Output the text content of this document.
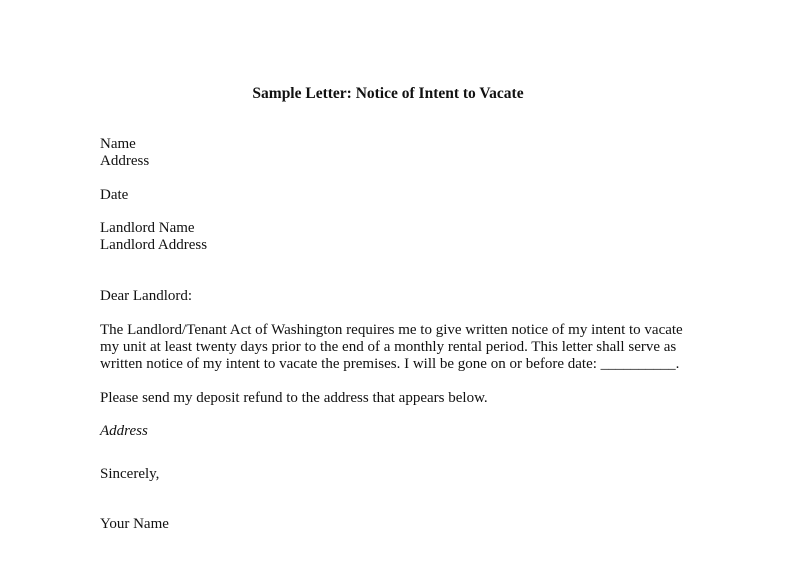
Sample Letter: Notice of Intent to Vacate
Name
Address
Date
Landlord Name
Landlord Address
Dear Landlord:
The Landlord/Tenant Act of Washington requires me to give written notice of my intent to vacate
my unit at least twenty days prior to the end of a monthly rental period. This letter shall serve as
written notice of my intent to vacate the premises. I will be gone on or before date: __________.
Please send my deposit refund to the address that appears below.
Address
Sincerely,
Your Name
